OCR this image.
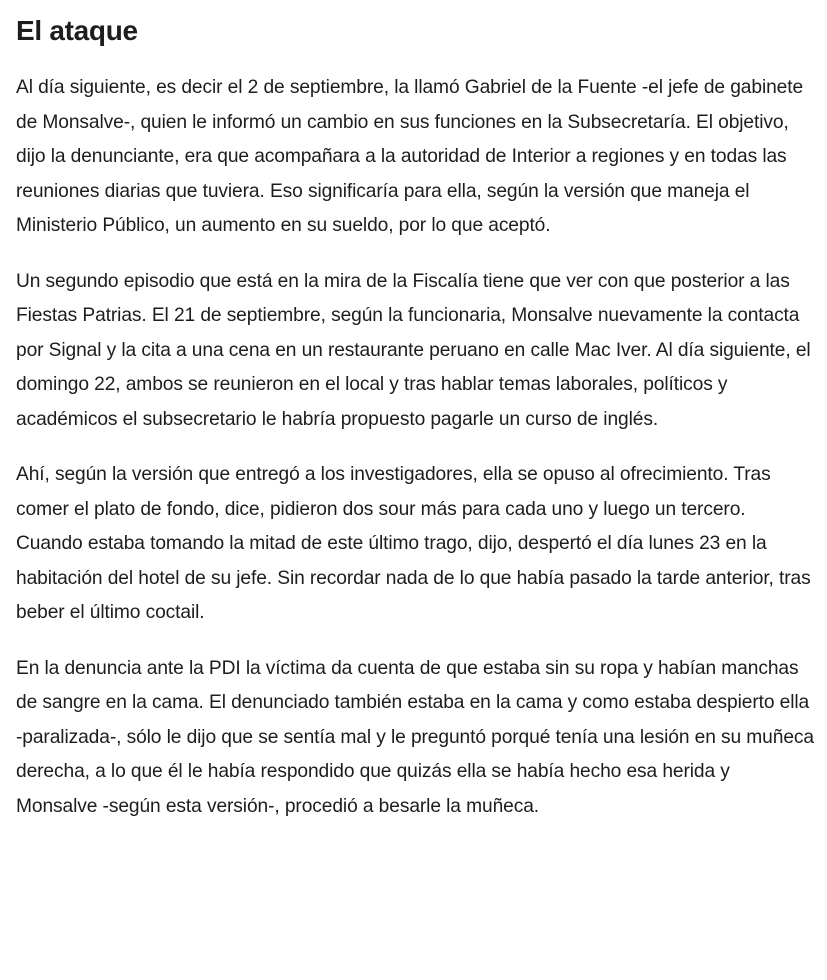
El ataque

Al día siguiente, es decir el 2 de septiembre, la llamó Gabriel de la Fuente -el jefe de gabinete de Monsalve-, quien le informó un cambio en sus funciones en la Subsecretaría. El objetivo, dijo la denunciante, era que acompañara a la autoridad de Interior a regiones y en todas las reuniones diarias que tuviera. Eso significaría para ella, según la versión que maneja el Ministerio Público, un aumento en su sueldo, por lo que aceptó.

Un segundo episodio que está en la mira de la Fiscalía tiene que ver con que posterior a las Fiestas Patrias. El 21 de septiembre, según la funcionaria, Monsalve nuevamente la contacta por Signal y la cita a una cena en un restaurante peruano en calle Mac Iver. Al día siguiente, el domingo 22, ambos se reunieron en el local y tras hablar temas laborales, políticos y académicos el subsecretario le habría propuesto pagarle un curso de inglés.

Ahí, según la versión que entregó a los investigadores, ella se opuso al ofrecimiento. Tras comer el plato de fondo, dice, pidieron dos sour más para cada uno y luego un tercero. Cuando estaba tomando la mitad de este último trago, dijo, despertó el día lunes 23 en la habitación del hotel de su jefe. Sin recordar nada de lo que había pasado la tarde anterior, tras beber el último coctail.

En la denuncia ante la PDI la víctima da cuenta de que estaba sin su ropa y habían manchas de sangre en la cama. El denunciado también estaba en la cama y como estaba despierto ella -paralizada-, sólo le dijo que se sentía mal y le preguntó porqué tenía una lesión en su muñeca derecha, a lo que él le había respondido que quizás ella se había hecho esa herida y Monsalve -según esta versión-, procedió a besarle la muñeca.
